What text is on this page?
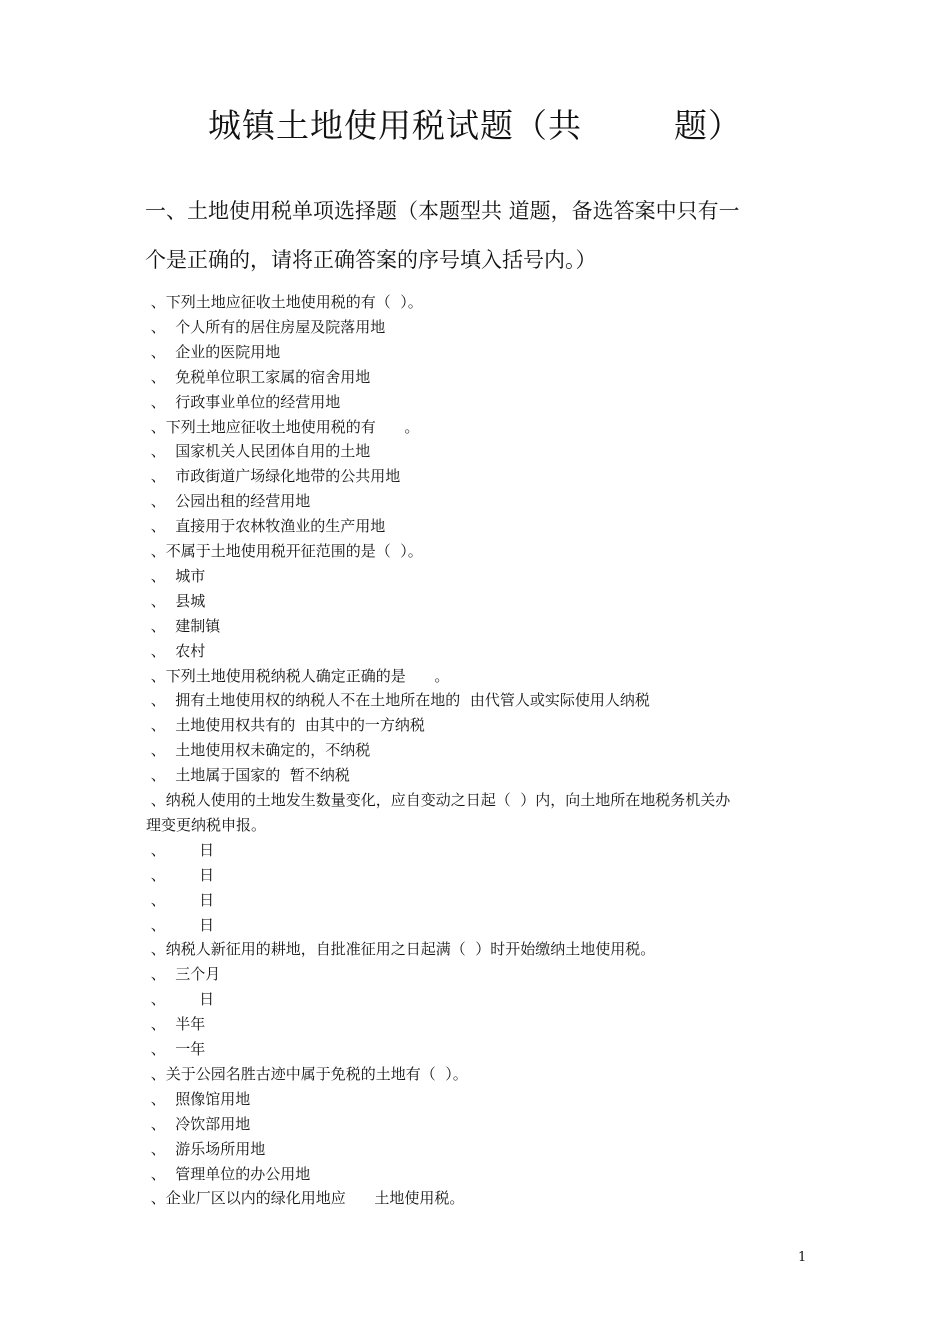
城镇土地使用税试题（共        题）
一、土地使用税单项选择题（本题型共 道题，备选答案中只有一
个是正确的，请将正确答案的序号填入括号内。）
、下列土地应征收土地使用税的有（  ）。
、  个人所有的居住房屋及院落用地
、  企业的医院用地
、  免税单位职工家属的宿舍用地
、  行政事业单位的经营用地
、下列土地应征收土地使用税的有      。
、  国家机关人民团体自用的土地
、  市政街道广场绿化地带的公共用地
、  公园出租的经营用地
、  直接用于农林牧渔业的生产用地
、不属于土地使用税开征范围的是（  ）。
、  城市
、  县城
、  建制镇
、  农村
、下列土地使用税纳税人确定正确的是      。
、  拥有土地使用权的纳税人不在土地所在地的  由代管人或实际使用人纳税
、  土地使用权共有的  由其中的一方纳税
、  土地使用权未确定的，不纳税
、  土地属于国家的  暂不纳税
、纳税人使用的土地发生数量变化，应自变动之日起（  ）内，向土地所在地税务机关办
理变更纳税申报。
、       日
、       日
、       日
、       日
、纳税人新征用的耕地，自批准征用之日起满（  ）时开始缴纳土地使用税。
、  三个月
、       日
、  半年
、  一年
、关于公园名胜古迹中属于免税的土地有（  ）。
、  照像馆用地
、  冷饮部用地
、  游乐场所用地
、  管理单位的办公用地
、企业厂区以内的绿化用地应      土地使用税。
1
